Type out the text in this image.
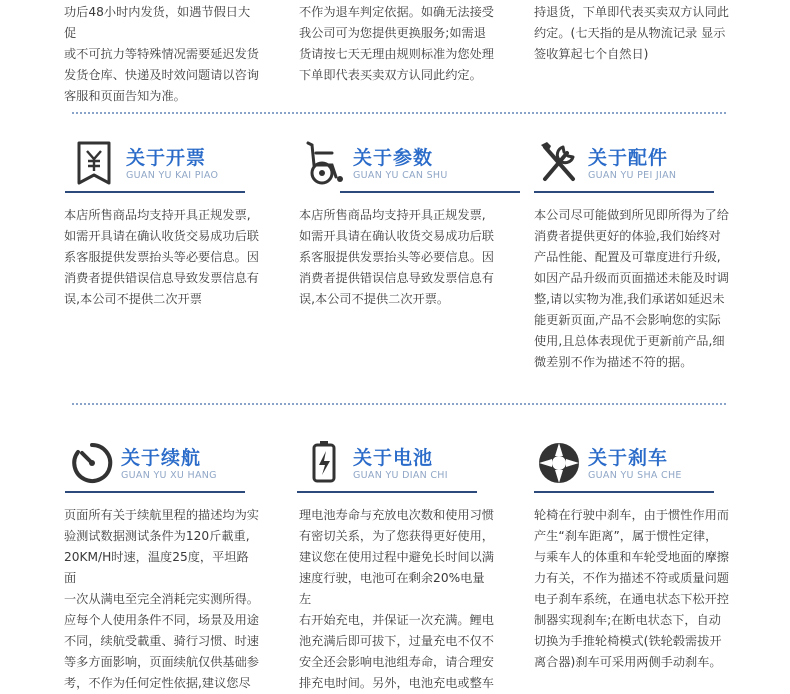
功后48小时内发货，如遇节假日大促
或不可抗力等特殊情况需要延迟发货
发货仓库、快递及时效问题请以咨询
客服和页面告知为准。

不作为退车判定依据。如确无法接受
我公司可为您提供更换服务;如需退
货请按七天无理由规则标准为您处理
下单即代表买卖双方认同此约定。

持退货，下单即代表买卖双方认同此
约定。(七天指的是从物流记录 显示
签收算起七个自然日)

关于开票
GUAN YU KAI PIAO

本店所售商品均支持开具正规发票,
如需开具请在确认收货交易成功后联
系客服提供发票抬头等必要信息。因
消费者提供错误信息导致发票信息有
误,本公司不提供二次开票

关于参数
GUAN YU CAN SHU

本店所售商品均支持开具正规发票,
如需开具请在确认收货交易成功后联
系客服提供发票抬头等必要信息。因
消费者提供错误信息导致发票信息有
误,本公司不提供二次开票。

关于配件
GUAN YU PEI JIAN

本公司尽可能做到所见即所得为了给
消费者提供更好的体验,我们始终对
产品性能、配置及可靠度进行升级,
如因产品升级而页面描述未能及时调
整,请以实物为准,我们承诺如延迟未
能更新页面,产品不会影响您的实际
使用,且总体表现优于更新前产品,细
微差别不作为描述不符的据。

关于续航
GUAN YU XU HANG

页面所有关于续航里程的描述均为实
验测试数据测试条件为120斤載重,
20KM/H时速，温度25度，平坦路面
一次从满电至完全消耗完实测所得。
应每个人使用条件不同，场景及用途
不同，续航受載重、骑行习惯、时速
等多方面影响，页面续航仅供基础参
考，不作为任何定性依据,建议您尽

关于电池
GUAN YU DIAN CHI

理电池寿命与充放电次数和使用习惯
有密切关系，为了您获得更好使用，
建议您在使用过程中避免长时间以满
速度行驶，电池可在剩余20%电量左
右开始充电，并保证一次充满。鲤电
池充满后即可拔下，过量充电不仅不
安全还会影响电池组寿命，请合理安
排充电时间。另外，电池充电或整车

关于刹车
GUAN YU SHA CHE

轮椅在行驶中刹车，由于惯性作用而
产生“刹车距离”，属于惯性定律，
与乘车人的体重和车轮受地面的摩擦
力有关，不作为描述不符或质量问题
电子刹车系统，在通电状态下松开控
制器实现刹车;在断电状态下，自动
切换为手推轮椅模式(铁轮毂需拔开
离合器)刹车可采用两侧手动刹车。
